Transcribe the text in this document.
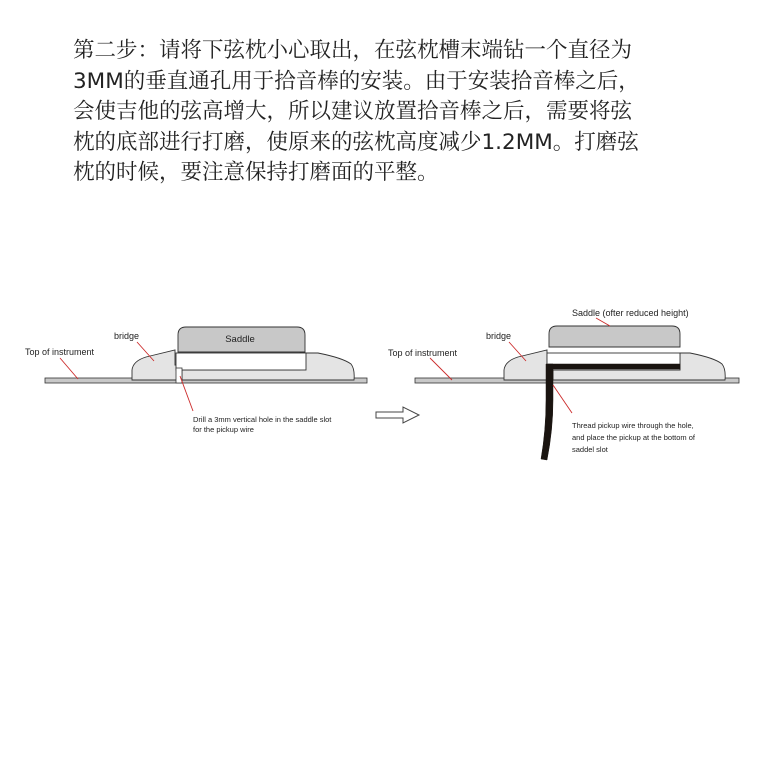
第二步：请将下弦枕小心取出，在弦枕槽末端钻一个直径为
3MM的垂直通孔用于拾音棒的安装。由于安装拾音棒之后，
会使吉他的弦高增大，所以建议放置拾音棒之后，需要将弦
枕的底部进行打磨，使原来的弦枕高度减少1.2MM。打磨弦
枕的时候，要注意保持打磨面的平整。
Saddle
Top of instrument
bridge
Drill a 3mm vertical hole in the saddle slot
for the pickup wire
Top of instrument
bridge
Saddle (ofter reduced height)
Thread pickup wire through the hole,
and place the pickup at the bottom of
saddel slot
